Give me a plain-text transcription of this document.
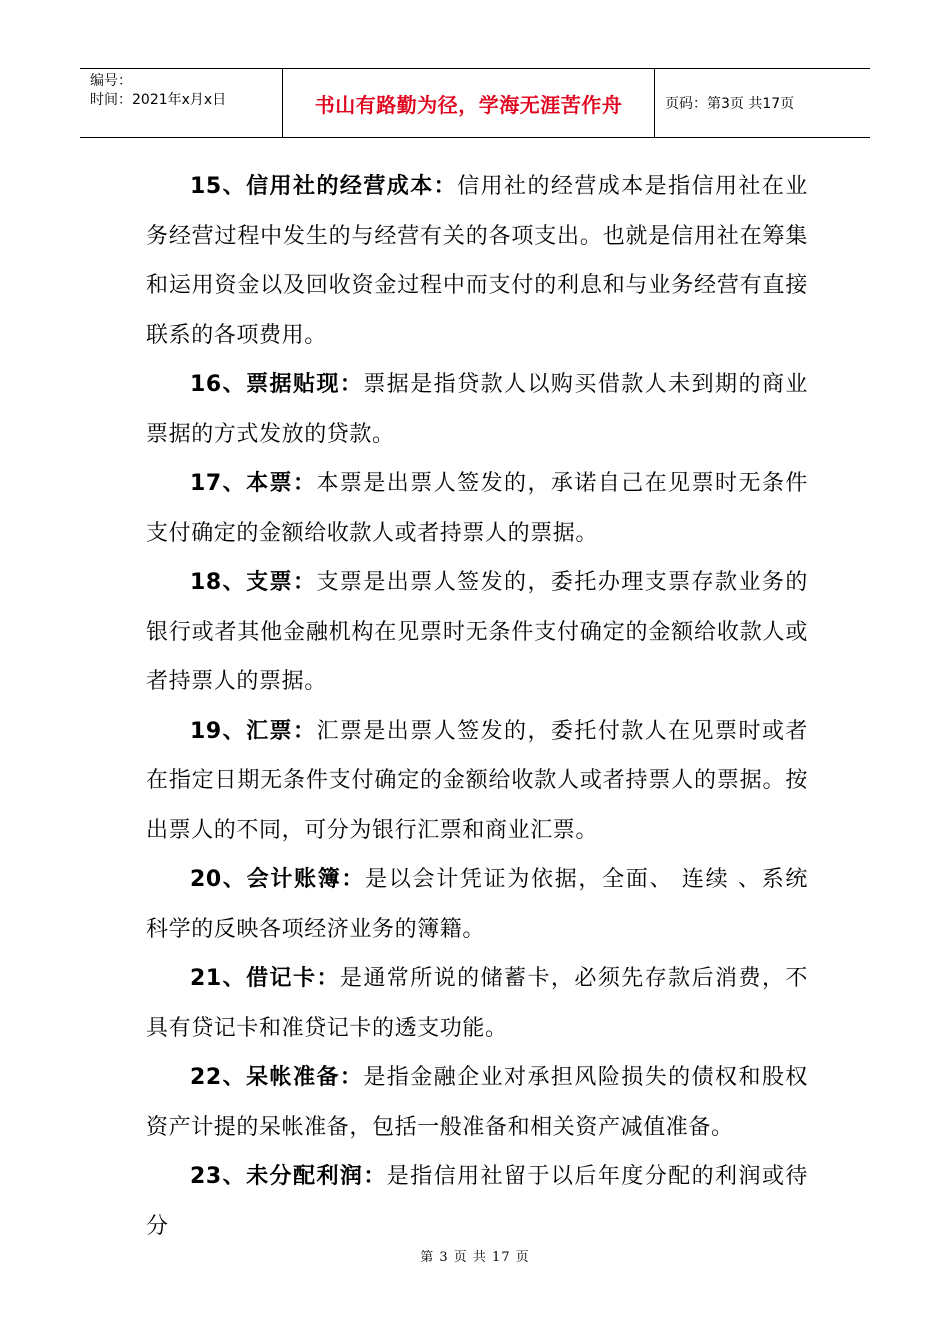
编号：
时间：2021年x月x日	书山有路勤为径，学海无涯苦作舟	页码：第3页 共17页

15、信用社的经营成本：信用社的经营成本是指信用社在业务经营过程中发生的与经营有关的各项支出。也就是信用社在筹集和运用资金以及回收资金过程中而支付的利息和与业务经营有直接联系的各项费用。

16、票据贴现：票据是指贷款人以购买借款人未到期的商业票据的方式发放的贷款。

17、本票：本票是出票人签发的，承诺自己在见票时无条件支付确定的金额给收款人或者持票人的票据。

18、支票：支票是出票人签发的，委托办理支票存款业务的银行或者其他金融机构在见票时无条件支付确定的金额给收款人或者持票人的票据。

19、汇票：汇票是出票人签发的，委托付款人在见票时或者在指定日期无条件支付确定的金额给收款人或者持票人的票据。按出票人的不同，可分为银行汇票和商业汇票。

20、会计账簿：是以会计凭证为依据，全面、 连续 、系统 科学的反映各项经济业务的簿籍。

21、借记卡：是通常所说的储蓄卡，必须先存款后消费，不具有贷记卡和准贷记卡的透支功能。

22、呆帐准备：是指金融企业对承担风险损失的债权和股权资产计提的呆帐准备，包括一般准备和相关资产减值准备。

23、未分配利润：是指信用社留于以后年度分配的利润或待分

第 3 页 共 17 页
